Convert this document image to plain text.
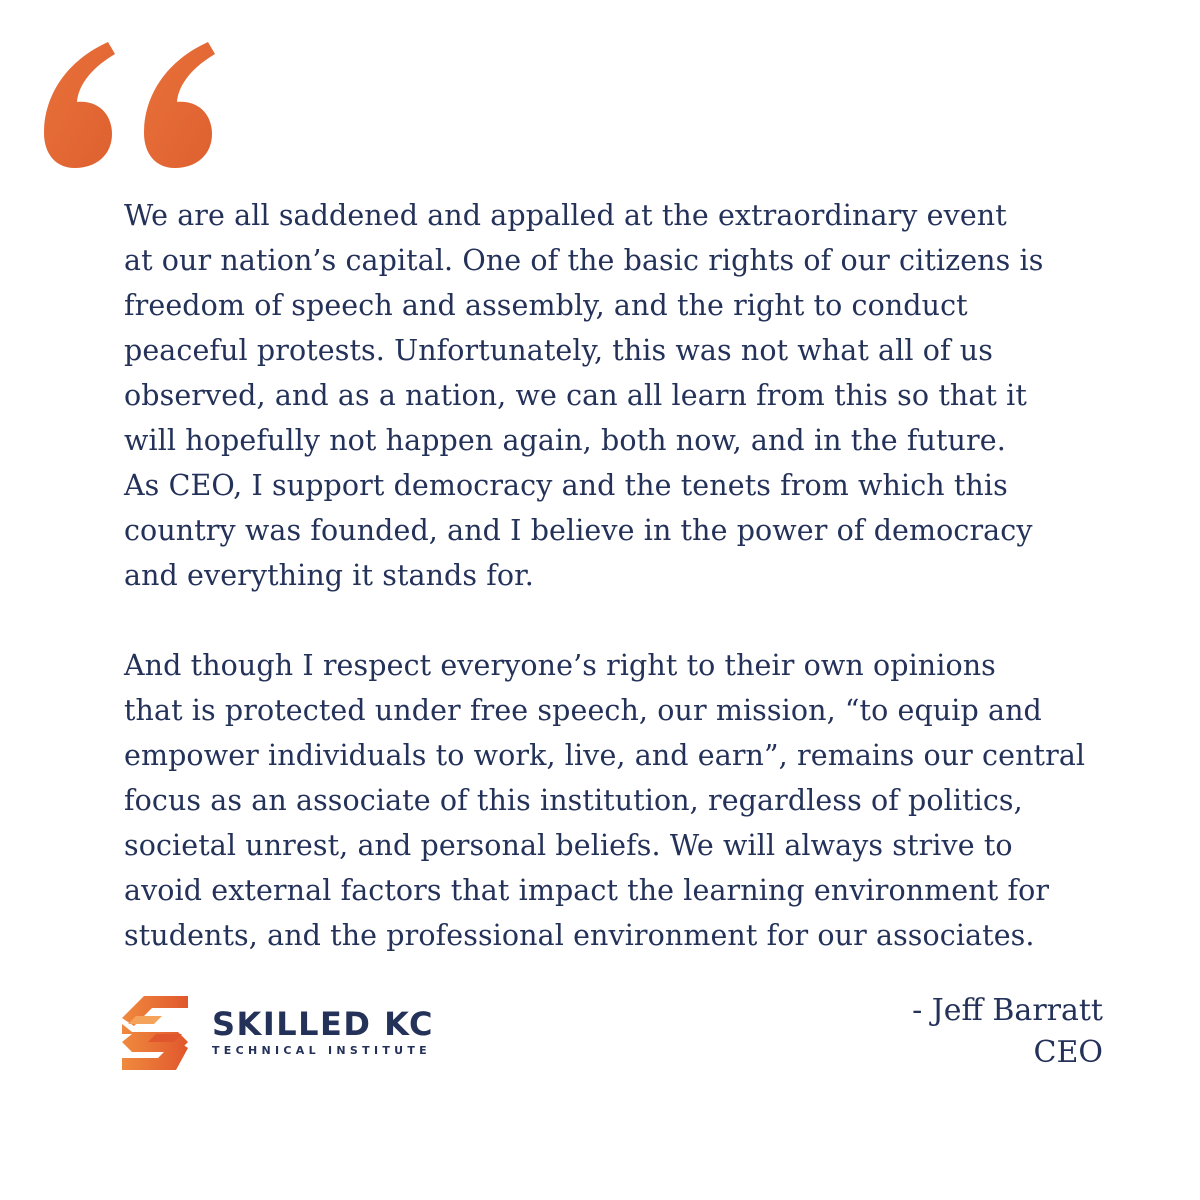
We are all saddened and appalled at the extraordinary event
at our nation’s capital. One of the basic rights of our citizens is
freedom of speech and assembly, and the right to conduct
peaceful protests. Unfortunately, this was not what all of us
observed, and as a nation, we can all learn from this so that it
will hopefully not happen again, both now, and in the future.
As CEO, I support democracy and the tenets from which this
country was founded, and I believe in the power of democracy
and everything it stands for.

And though I respect everyone’s right to their own opinions
that is protected under free speech, our mission, “to equip and
empower individuals to work, live, and earn”, remains our central
focus as an associate of this institution, regardless of politics,
societal unrest, and personal beliefs. We will always strive to
avoid external factors that impact the learning environment for
students, and the professional environment for our associates.

SKILLED KC
TECHNICAL INSTITUTE
- Jeff Barratt
CEO
